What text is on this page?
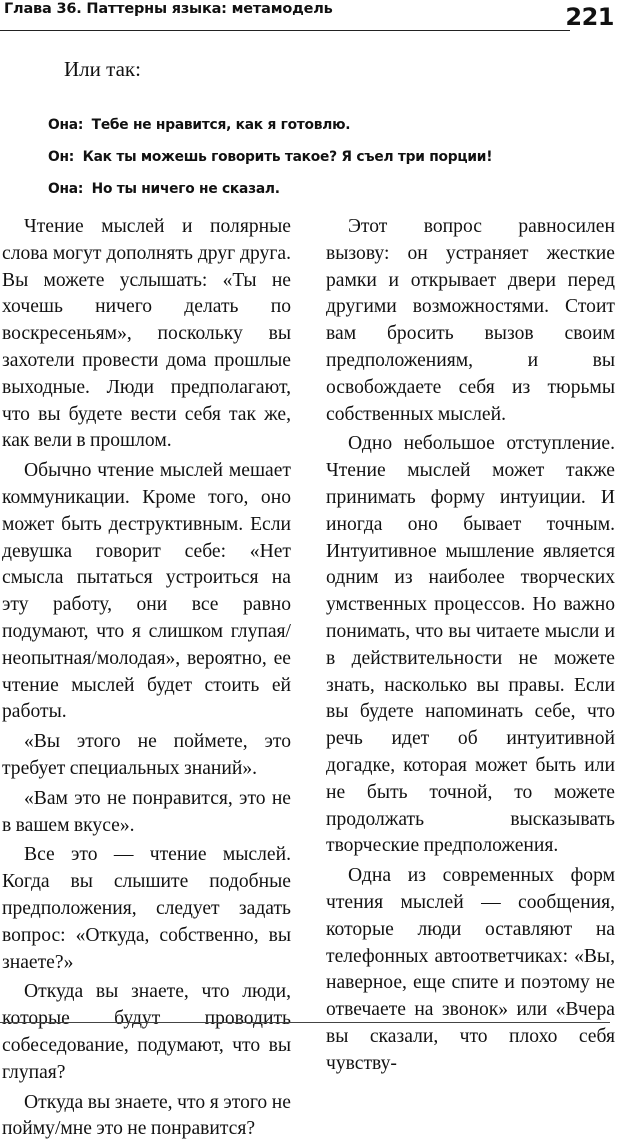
Глава 36. Паттерны языка: метамодель	221
Или так:
Она: Тебе не нравится, как я готовлю.
Он: Как ты можешь говорить такое? Я съел три порции!
Она: Но ты ничего не сказал.

Чтение мыслей и полярные слова могут дополнять друг друга. Вы можете услышать: «Ты не хочешь ничего делать по воскресеньям», поскольку вы захотели провести дома прошлые выходные. Люди предполагают, что вы будете вести себя так же, как вели в прошлом.

Обычно чтение мыслей мешает коммуникации. Кроме того, оно может быть деструктивным. Если девушка говорит себе: «Нет смысла пытаться устроиться на эту работу, они все равно подумают, что я слишком глупая/неопытная/молодая», вероятно, ее чтение мыслей будет стоить ей работы.

«Вы этого не поймете, это требует специальных знаний».

«Вам это не понравится, это не в вашем вкусе».

Все это — чтение мыслей. Когда вы слышите подобные предположения, следует задать вопрос: «Откуда, собственно, вы знаете?»

Откуда вы знаете, что люди, которые будут проводить собеседование, подумают, что вы глупая?

Откуда вы знаете, что я этого не пойму/мне это не понравится?

Этот вопрос равносилен вызову: он устраняет жесткие рамки и открывает двери перед другими возможностями. Стоит вам бросить вызов своим предположениям, и вы освобождаете себя из тюрьмы собственных мыслей.

Одно небольшое отступление. Чтение мыслей может также принимать форму интуиции. И иногда оно бывает точным. Интуитивное мышление является одним из наиболее творческих умственных процессов. Но важно понимать, что вы читаете мысли и в действительности не можете знать, насколько вы правы. Если вы будете напоминать себе, что речь идет об интуитивной догадке, которая может быть или не быть точной, то можете продолжать высказывать творческие предположения.

Одна из современных форм чтения мыслей — сообщения, которые люди оставляют на телефонных автоответчиках: «Вы, наверное, еще спите и поэтому не отвечаете на звонок» или «Вчера вы сказали, что плохо себя чувству-
